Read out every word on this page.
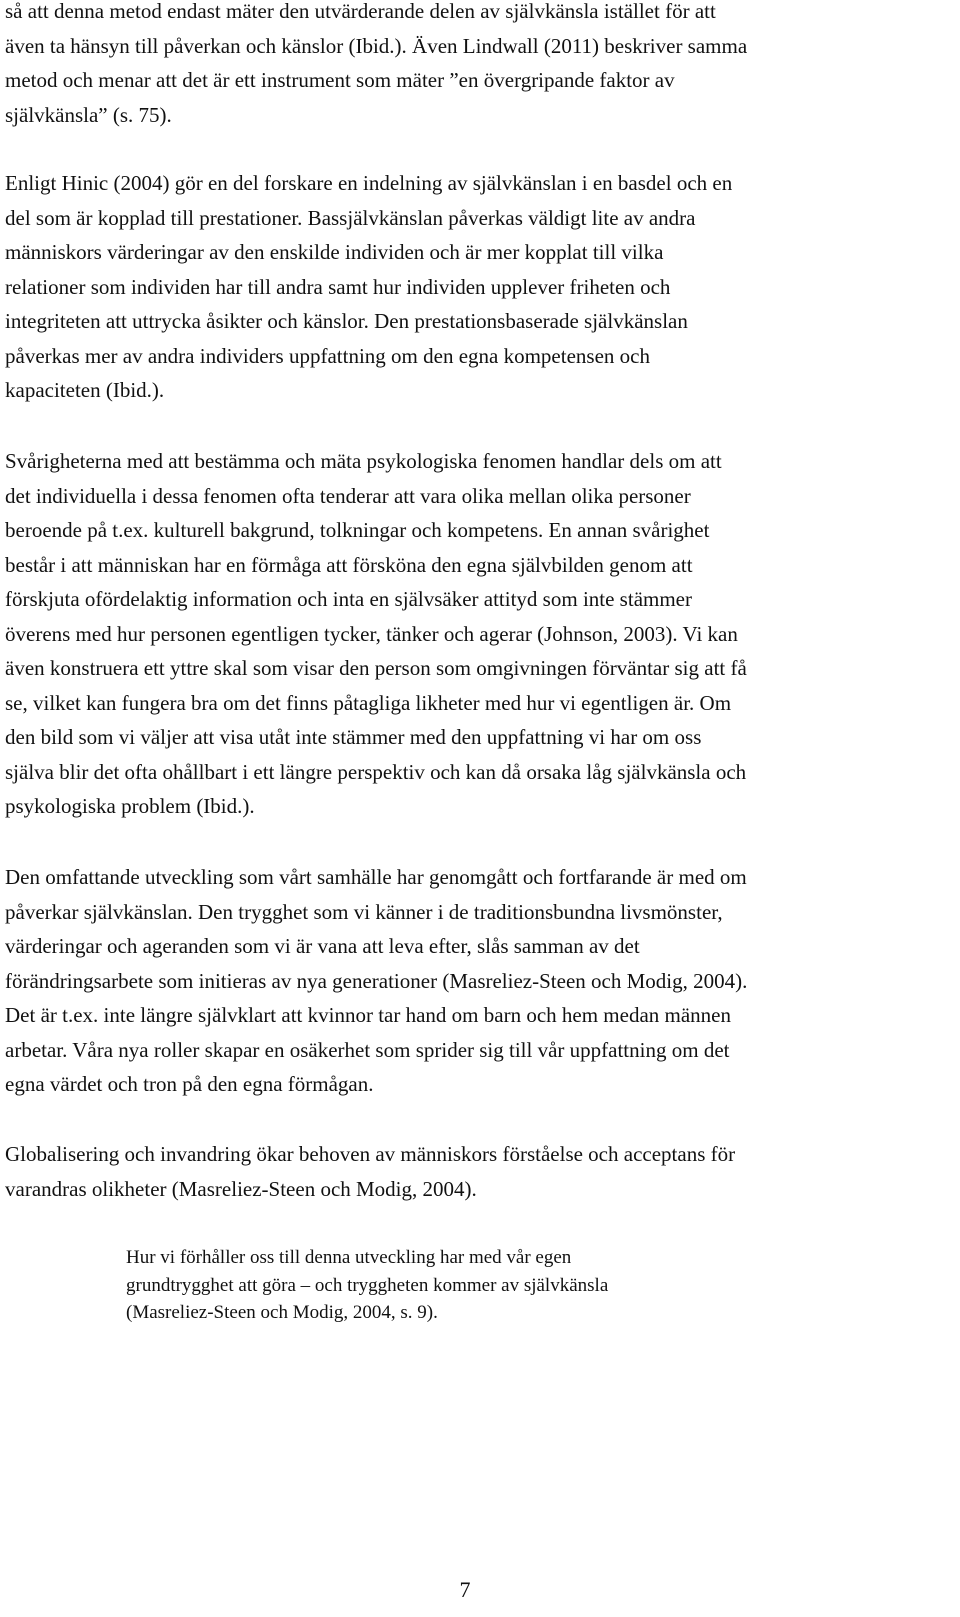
så att denna metod endast mäter den utvärderande delen av självkänsla istället för att
även ta hänsyn till påverkan och känslor (Ibid.). Även Lindwall (2011) beskriver samma
metod och menar att det är ett instrument som mäter ”en övergripande faktor av
självkänsla” (s. 75).

Enligt Hinic (2004) gör en del forskare en indelning av självkänslan i en basdel och en
del som är kopplad till prestationer. Bassjälvkänslan påverkas väldigt lite av andra
människors värderingar av den enskilde individen och är mer kopplat till vilka
relationer som individen har till andra samt hur individen upplever friheten och
integriteten att uttrycka åsikter och känslor. Den prestationsbaserade självkänslan
påverkas mer av andra individers uppfattning om den egna kompetensen och
kapaciteten (Ibid.).

Svårigheterna med att bestämma och mäta psykologiska fenomen handlar dels om att
det individuella i dessa fenomen ofta tenderar att vara olika mellan olika personer
beroende på t.ex. kulturell bakgrund, tolkningar och kompetens. En annan svårighet
består i att människan har en förmåga att försköna den egna självbilden genom att
förskjuta ofördelaktig information och inta en självsäker attityd som inte stämmer
överens med hur personen egentligen tycker, tänker och agerar (Johnson, 2003). Vi kan
även konstruera ett yttre skal som visar den person som omgivningen förväntar sig att få
se, vilket kan fungera bra om det finns påtagliga likheter med hur vi egentligen är. Om
den bild som vi väljer att visa utåt inte stämmer med den uppfattning vi har om oss
själva blir det ofta ohållbart i ett längre perspektiv och kan då orsaka låg självkänsla och
psykologiska problem (Ibid.).

Den omfattande utveckling som vårt samhälle har genomgått och fortfarande är med om
påverkar självkänslan. Den trygghet som vi känner i de traditionsbundna livsmönster,
värderingar och ageranden som vi är vana att leva efter, slås samman av det
förändringsarbete som initieras av nya generationer (Masreliez-Steen och Modig, 2004).
Det är t.ex. inte längre självklart att kvinnor tar hand om barn och hem medan männen
arbetar. Våra nya roller skapar en osäkerhet som sprider sig till vår uppfattning om det
egna värdet och tron på den egna förmågan.

Globalisering och invandring ökar behoven av människors förståelse och acceptans för
varandras olikheter (Masreliez-Steen och Modig, 2004).

Hur vi förhåller oss till denna utveckling har med vår egen
grundtrygghet att göra – och tryggheten kommer av självkänsla
(Masreliez-Steen och Modig, 2004, s. 9).
7
